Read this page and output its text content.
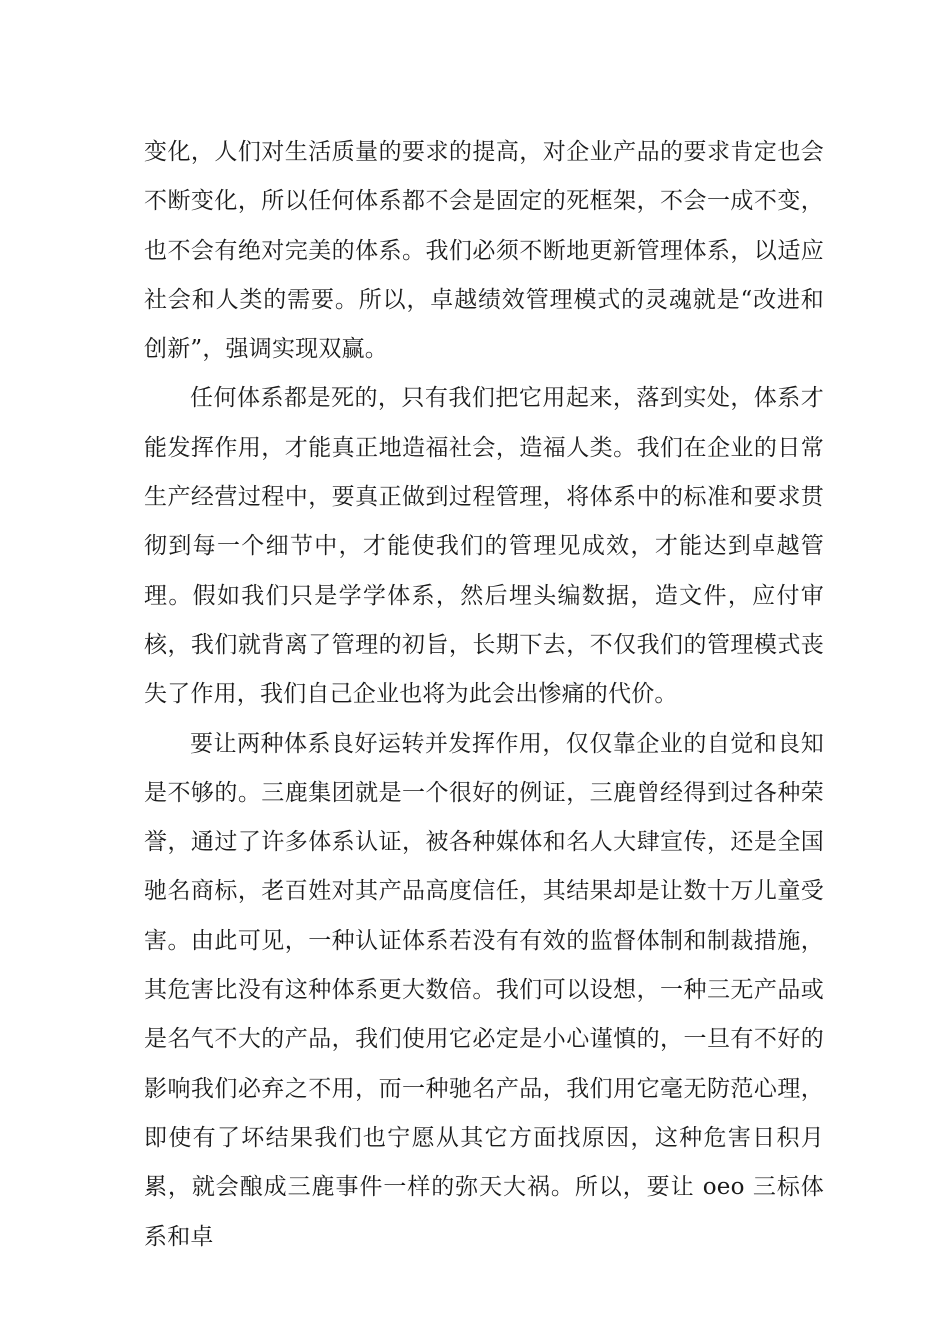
变化，人们对生活质量的要求的提高，对企业产品的要求肯定也会不断变化，所以任何体系都不会是固定的死框架，不会一成不变，也不会有绝对完美的体系。我们必须不断地更新管理体系，以适应社会和人类的需要。所以，卓越绩效管理模式的灵魂就是“改进和创新”，强调实现双赢。

任何体系都是死的，只有我们把它用起来，落到实处，体系才能发挥作用，才能真正地造福社会，造福人类。我们在企业的日常生产经营过程中，要真正做到过程管理，将体系中的标准和要求贯彻到每一个细节中，才能使我们的管理见成效，才能达到卓越管理。假如我们只是学学体系，然后埋头编数据，造文件，应付审核，我们就背离了管理的初旨，长期下去，不仅我们的管理模式丧失了作用，我们自己企业也将为此会出惨痛的代价。

要让两种体系良好运转并发挥作用，仅仅靠企业的自觉和良知是不够的。三鹿集团就是一个很好的例证，三鹿曾经得到过各种荣誉，通过了许多体系认证，被各种媒体和名人大肆宣传，还是全国驰名商标，老百姓对其产品高度信任，其结果却是让数十万儿童受害。由此可见，一种认证体系若没有有效的监督体制和制裁措施，其危害比没有这种体系更大数倍。我们可以设想，一种三无产品或是名气不大的产品，我们使用它必定是小心谨慎的，一旦有不好的影响我们必弃之不用，而一种驰名产品，我们用它毫无防范心理，即使有了坏结果我们也宁愿从其它方面找原因，这种危害日积月累，就会酿成三鹿事件一样的弥天大祸。所以，要让 oeo 三标体系和卓
